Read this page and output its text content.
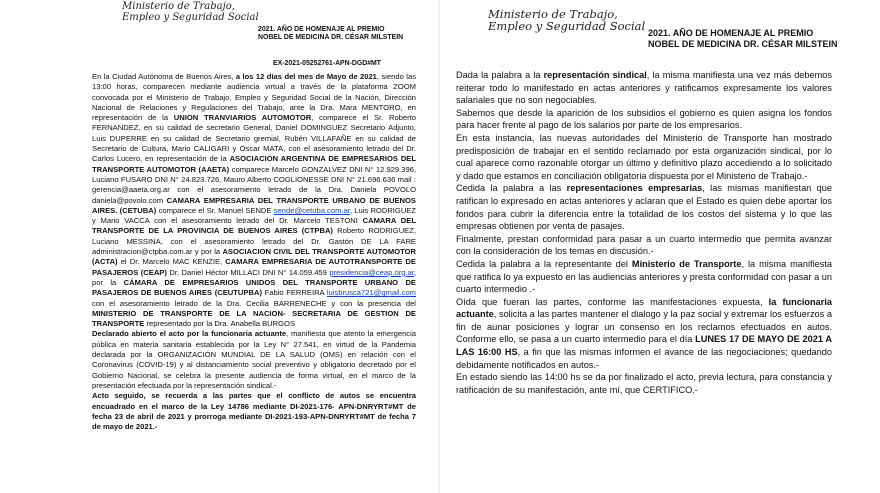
Ministerio de Trabajo,
Empleo y Seguridad Social
2021. AÑO DE HOMENAJE AL PREMIO
NOBEL DE MEDICINA DR. CÉSAR MILSTEIN
EX-2021-05252761-APN-DGD#MT

En la Ciudad Autónoma de Buenos Aires, a los 12 días del mes de Mayo de 2021, siendo las 13:00 horas, comparecen mediante audiencia virtual a través de la plataforma ZOOM convocada por el Ministerio de Trabajo, Empleo y Seguridad Social de la Nación, Dirección Nacional de Relaciones y Regulaciones del Trabajo, ante la Dra. Mara MENTORO, en representación de la UNION TRANVIARIOS AUTOMOTOR, comparece el Sr. Roberto FERNANDEZ, en su calidad de secretario General, Daniel DOMINGUEZ Secretario Adjunto, Luis DUPERRE en su calidad de Secretario gremial, Rubén VILLAFAÑE en su calidad de Secretario de Cultura, Mario CALIGARI y Oscar MATA, con el asesoramiento letrado del Dr. Carlos Lucero, en representación de la ASOCIACION ARGENTINA DE EMPRESARIOS DEL TRANSPORTE AUTOMOTOR (AAETA) comparece Marcelo GONZALVEZ DNI N° 12.929.396, Luciano FUSARO DNI N° 24.823.726, Mauro Alberto COGLIONESSE DNI N° 21.696.636 mail : gerencia@aaeta.org.ar con el asesoramiento letrado de la Dra. Daniela POVOLO daniela@povolo.com CAMARA EMPRESARIA DEL TRANSPORTE URBANO DE BUENOS AIRES. (CETUBA) comparece el Sr. Manuel SENDE sende@cetuba.com.ar, Luis RODRIGUEZ y Mario VACCA con el asesoramiento letrado del Dr. Marcelo TESTONI CAMARA DEL TRANSPORTE DE LA PROVINCIA DE BUENOS AIRES (CTPBA) Roberto RODRIGUEZ, Luciano MESSINA, con el asesoramiento letrado del Dr. Gastón DE LA FARE administracion@ctpba.com.ar y por la ASOCIACION CIVIL DEL TRANSPORTE AUTOMOTOR (ACTA) el Dr. Marcelo MAC KENZIE, CAMARA EMPRESARIA DE AUTOTRANSPORTE DE PASAJEROS (CEAP) Dr. Daniel Héctor MILLACI DNI N° 14.059.459 presidencia@ceap.org.ar, por la CÁMARA DE EMPRESARIOS UNIDOS DEL TRANSPORTE URBANO DE PASAJEROS DE BUENOS AIRES (CEUTUPBA) Fabio FERREIRA luisbrusca721@gmail.com con el asesoramiento letrado de la Dra. Cecilia BARRENECHE y con la presencia del MINISTERIO DE TRANSPORTE DE LA NACION- SECRETARIA DE GESTION DE TRANSPORTE representado por la Dra. Anabella BURGOS

Declarado abierto el acto por la funcionaria actuante, manifiesta que atento la emergencia pública en materia sanitaria establecida por la Ley N° 27.541, en virtud de la Pandemia declarada por la ORGANIZACIÓN MUNDIAL DE LA SALUD (OMS) en relación con el Coronavirus (COVID-19) y al distanciamiento social preventivo y obligatorio decretado por el Gobierno Nacional, se celebra la presente audiencia de forma virtual, en el marco de la presentación efectuada por la representación sindical.-

Acto seguido, se recuerda a las partes que el conflicto de autos se encuentra encuadrado en el marco de la Ley 14786 mediante DI-2021-176- APN-DNRYRT#MT de fecha 23 de abril de 2021 y prorroga mediante DI-2021-193-APN-DNRYRT#MT de fecha 7 de mayo de 2021.-

Ministerio de Trabajo,
Empleo y Seguridad Social 2021. AÑO DE HOMENAJE AL PREMIO
NOBEL DE MEDICINA DR. CÉSAR MILSTEIN

Dada la palabra a la representación sindical, la misma manifiesta una vez más debemos reiterar todo lo manifestado en actas anteriores y ratificamos expresamente los valores salariales que no son negociables.

Sabemos que desde la aparición de los subsidios el gobierno es quien asigna los fondos para hacer frente al pago de los salarios por parte de los empresarios.

En esta instancia, las nuevas autoridades del Ministerio de Transporte han mostrado predisposición de trabajar en el sentido reclamado por esta organización sindical, por lo cual aparece como razonable otorgar un último y definitivo plazo accediendo a lo solicitado y dado que estamos en conciliación obligatoria dispuesta por el Ministerio de Trabajo.-

Cedida la palabra a las representaciones empresarias, las mismas manifiestan que ratifican lo expresado en actas anteriores y aclaran que el Estado es quien debe aportar los fondos para cubrir la diferencia entre la totalidad de los costos del sistema y lo que las empresas obtienen por venta de pasajes.

Finalmente, prestan conformidad para pasar a un cuarto intermedio que permita avanzar con la consideración de los temas en discusión.-

Cedida la palabra a la representante del Ministerio de Transporte, la misma manifiesta que ratifica lo ya expuesto en las audiencias anteriores y presta conformidad con pasar a un cuarto intermedio .-

Oída que fueran las partes, conforme las manifestaciones expuesta, la funcionaria actuante, solicita a las partes mantener el dialogo y la paz social y extremar los esfuerzos a fin de aunar posiciones y lograr un consenso en los reclamos efectuados en autos. Conforme ello, se pasa a un cuarto intermedio para el día LUNES 17 DE MAYO DE 2021 A LAS 16:00 HS, a fin que las mismas informen el avance de las negociaciones; quedando debidamente notificados en autos.-

En estado siendo las 14:00 hs se da por finalizado el acto, previa lectura, para constancia y ratificación de su manifestación, ante mí, que CERTIFICO.-
